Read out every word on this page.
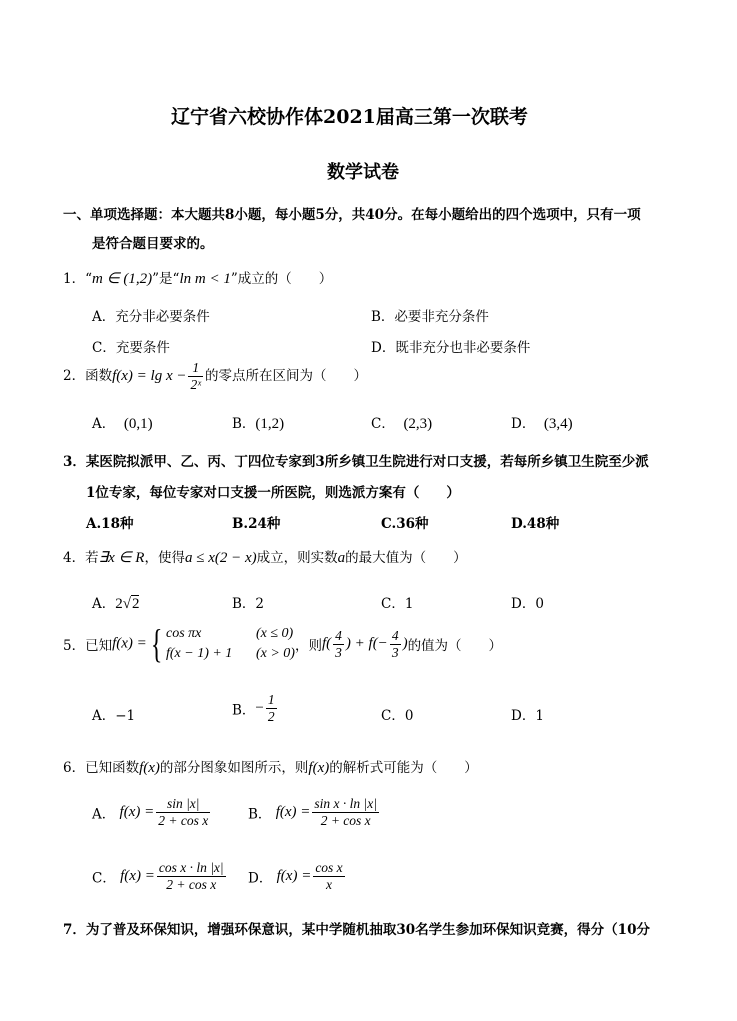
辽宁省六校协作体2021届高三第一次联考
数学试卷
一、单项选择题：本大题共8小题，每小题5分，共40分。在每小题给出的四个选项中，只有一项
是符合题目要求的。
1．“m ∈ (1,2)”是“ln m < 1”成立的（　　）
A．充分非必要条件	B．必要非充分条件
C．充要条件	D．既非充分也非必要条件
2．函数$f(x) = \lg x - \frac{1}{\text{2ˣ}}$ 的零点所在区间为（　　）
A． (0,1)	B．(1,2)	C． (2,3)	D． (3,4)
3．某医院拟派甲、乙、丙、丁四位专家到3所乡镇卫生院进行对口支援，若每所乡镇卫生院至少派
1位专家，每位专家对口支援一所医院，则选派方案有（　　）
A.18种	B.24种	C.36种	D.48种
4．若∃x ∈ R，使得a ≤ x(2 − x)成立，则实数a的最大值为（　　）
A．2√2	B．2	C．1	D．0
5．已知f(x) ={ cos πx	(x ≤ 0)
f(x − 1) + 1 (x > 0)，则$f( \frac{4}{3}$ ) + $f(- \frac{4}{3}$ )的值为（　　）
A．−1	B．− $\frac{1}{2}$	C．0	D．1
6．已知函数f(x)的部分图象如图所示，则f(x)的解析式可能为（　　）
A． $f(x) = \frac{\sin |x|}{\text{2 + cos x}}$	B． $f(x) = \frac{\text{sin x · ln |x|}}{\text{2 + cos x}}$
C． $f(x) = \frac{\text{cos x · ln |x|}}{\text{2 + cos x}}$ D． $f(x) = \frac{\text{cos x}}{x}$
7．为了普及环保知识，增强环保意识，某中学随机抽取30名学生参加环保知识竞赛，得分（10分
